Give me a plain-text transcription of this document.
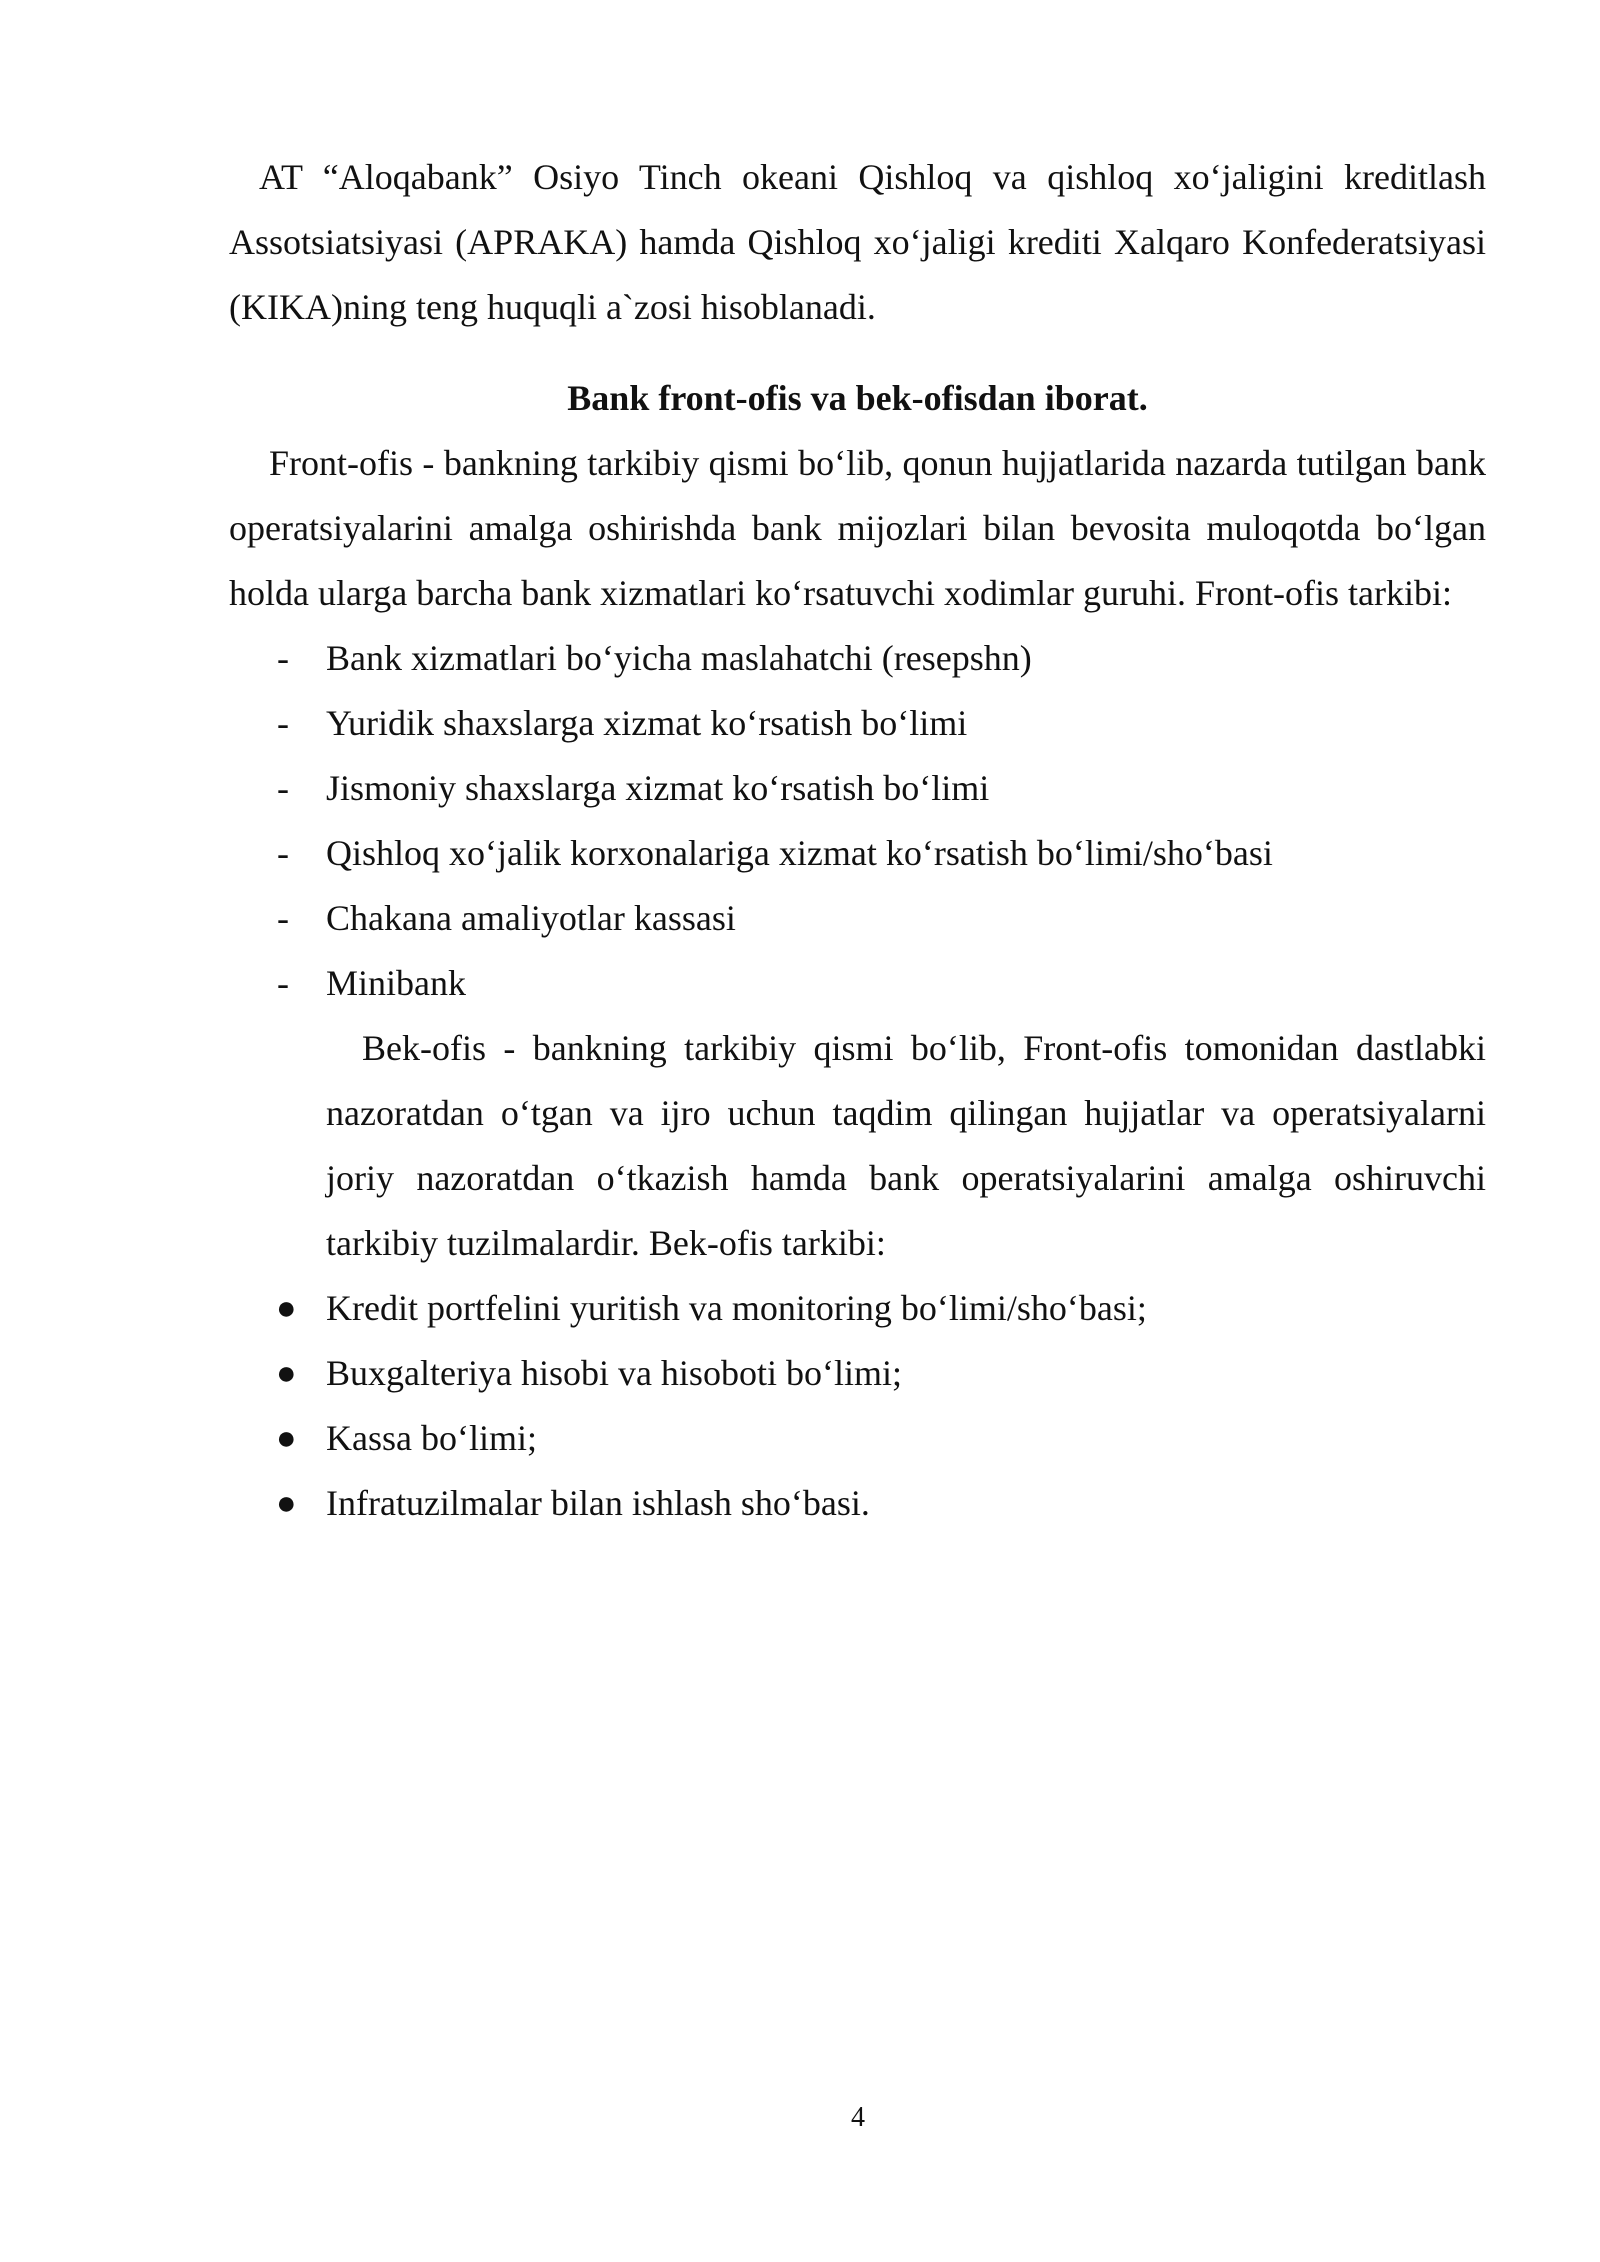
AT “Aloqabank” Osiyo Tinch okeani Qishloq va qishloq xo‘jaligini kreditlash Assotsiatsiyasi (APRAKA) hamda Qishloq xo‘jaligi krediti Xalqaro Konfederatsiyasi (KIKA)ning teng huquqli a`zosi hisoblanadi.

Bank front-ofis va bek-ofisdan iborat.

Front-ofis - bankning tarkibiy qismi bo‘lib, qonun hujjatlarida nazarda tutilgan bank operatsiyalarini amalga oshirishda bank mijozlari bilan bevosita muloqotda bo‘lgan holda ularga barcha bank xizmatlari ko‘rsatuvchi xodimlar guruhi. Front-ofis tarkibi:

- Bank xizmatlari bo‘yicha maslahatchi (resepshn)
- Yuridik shaxslarga xizmat ko‘rsatish bo‘limi
- Jismoniy shaxslarga xizmat ko‘rsatish bo‘limi
- Qishloq xo‘jalik korxonalariga xizmat ko‘rsatish bo‘limi/sho‘basi
- Chakana amaliyotlar kassasi
- Minibank

Bek-ofis - bankning tarkibiy qismi bo‘lib, Front-ofis tomonidan dastlabki nazoratdan o‘tgan va ijro uchun taqdim qilingan hujjatlar va operatsiyalarni joriy nazoratdan o‘tkazish hamda bank operatsiyalarini amalga oshiruvchi tarkibiy tuzilmalardir. Bek-ofis tarkibi:

● Kredit portfelini yuritish va monitoring bo‘limi/sho‘basi;
● Buxgalteriya hisobi va hisoboti bo‘limi;
● Kassa bo‘limi;
● Infratuzilmalar bilan ishlash sho‘basi.
4
